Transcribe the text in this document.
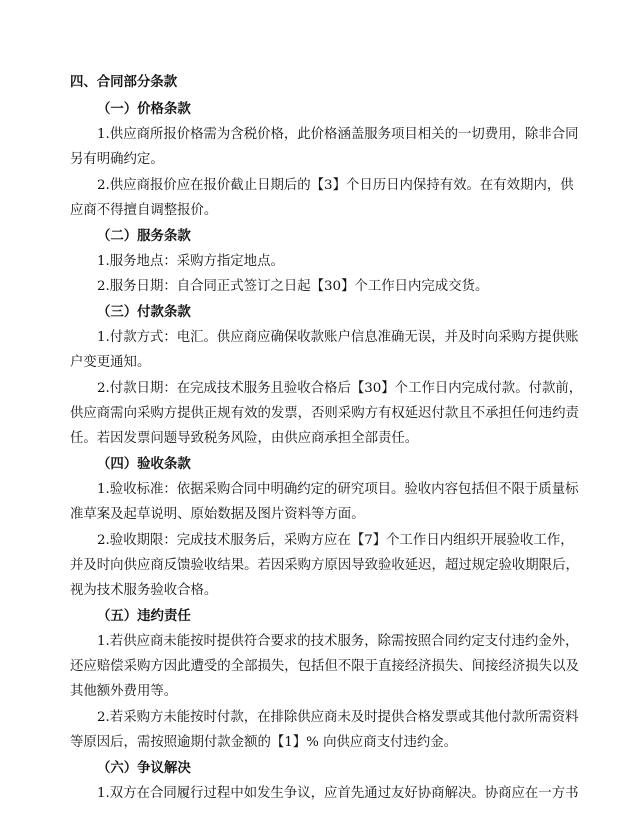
四、合同部分条款
（一）价格条款
1 . 供 应 商 所 报 价 格 需 为 含 税 价 格 ， 此 价 格 涵 盖 服 务 项 目 相 关 的 一 切 费 用 ， 除 非 合 同
另有明确约定。
2 . 供 应 商 报 价 应 在 报 价 截 止 日 期 后 的 【 3 】 个 日 历 日 内 保 持 有 效 。 在 有 效 期 内 ， 供
应商不得擅自调整报价。
（二）服务条款
1.服务地点：采购方指定地点。
2.服务日期：自合同正式签订之日起【30】个工作日内完成交货。
（三）付款条款
1 . 付 款 方 式 ： 电 汇 。 供 应 商 应 确 保 收 款 账 户 信 息 准 确 无 误 ， 并 及 时 向 采 购 方 提 供 账
户变更通知。
2 . 付 款 日 期 ： 在 完 成 技 术 服 务 且 验 收 合 格 后 【 3 0 】 个 工 作 日 内 完 成 付 款 。 付 款 前 ，
供 应 商 需 向 采 购 方 提 供 正 规 有 效 的 发 票 ， 否 则 采 购 方 有 权 延 迟 付 款 且 不 承 担 任 何 违 约 责
任。若因发票问题导致税务风险，由供应商承担全部责任。
（四）验收条款
1 . 验 收 标 准 ： 依 据 采 购 合 同 中 明 确 约 定 的 研 究 项 目 。 验 收 内 容 包 括 但 不 限 于 质 量 标
准草案及起草说明、原始数据及图片资料等方面。
2 . 验 收 期 限 ： 完 成 技 术 服 务 后 ， 采 购 方 应 在 【 7 】 个 工 作 日 内 组 织 开 展 验 收 工 作 ，
并 及 时 向 供 应 商 反 馈 验 收 结 果 。 若 因 采 购 方 原 因 导 致 验 收 延 迟 ， 超 过 规 定 验 收 期 限 后 ，
视为技术服务验收合格。
（五）违约责任
1 . 若 供 应 商 未 能 按 时 提 供 符 合 要 求 的 技 术 服 务 ， 除 需 按 照 合 同 约 定 支 付 违 约 金 外 ，
还 应 赔 偿 采 购 方 因 此 遭 受 的 全 部 损 失 ， 包 括 但 不 限 于 直 接 经 济 损 失 、 间 接 经 济 损 失 以 及
其他额外费用等。
2 . 若 采 购 方 未 能 按 时 付 款 ， 在 排 除 供 应 商 未 及 时 提 供 合 格 发 票 或 其 他 付 款 所 需 资 料
等原因后，需按照逾期付款金额的【1】% 向供应商支付违约金。
（六）争议解决
1 . 双 方 在 合 同 履 行 过 程 中 如 发 生 争 议 ， 应 首 先 通 过 友 好 协 商 解 决 。 协 商 应 在 一 方 书
